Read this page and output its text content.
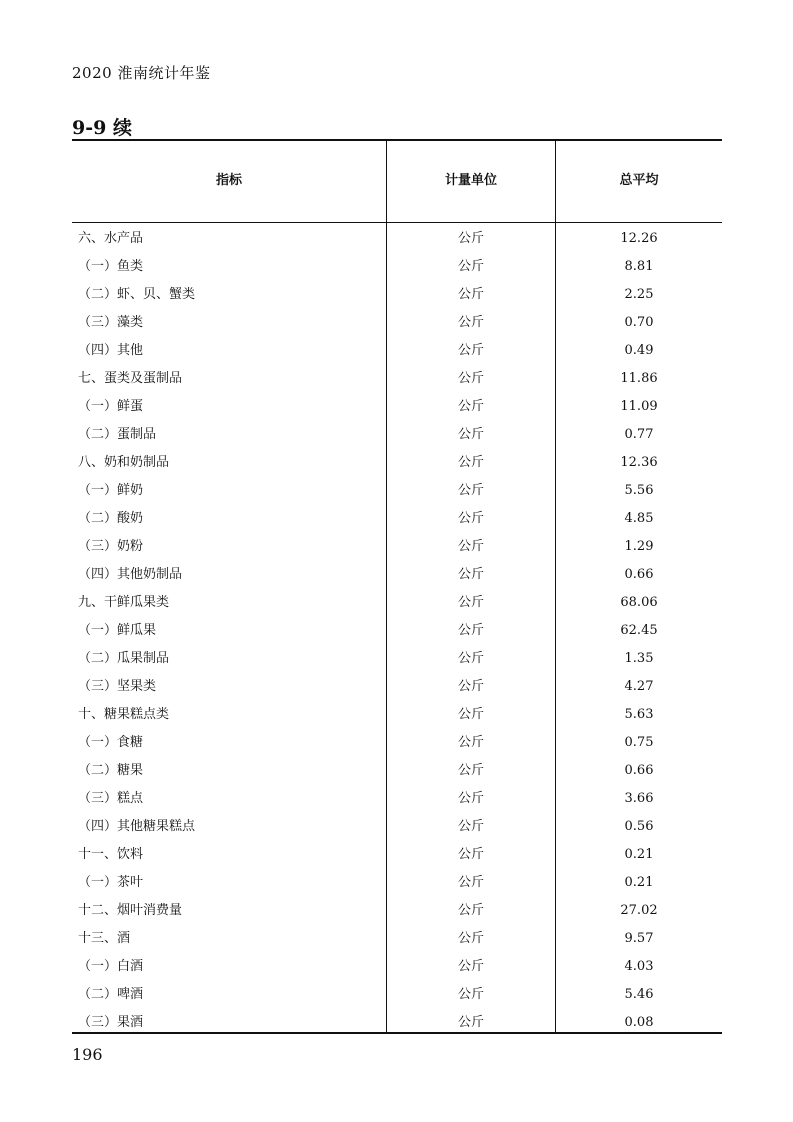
2020 淮南统计年鉴
9-9 续
指标	计量单位	总平均
六、水产品	公斤	12.26
（一）鱼类	公斤	8.81
（二）虾、贝、蟹类	公斤	2.25
（三）藻类	公斤	0.70
（四）其他	公斤	0.49
七、蛋类及蛋制品	公斤	11.86
（一）鲜蛋	公斤	11.09
（二）蛋制品	公斤	0.77
八、奶和奶制品	公斤	12.36
（一）鲜奶	公斤	5.56
（二）酸奶	公斤	4.85
（三）奶粉	公斤	1.29
（四）其他奶制品	公斤	0.66
九、干鲜瓜果类	公斤	68.06
（一）鲜瓜果	公斤	62.45
（二）瓜果制品	公斤	1.35
（三）坚果类	公斤	4.27
十、糖果糕点类	公斤	5.63
（一）食糖	公斤	0.75
（二）糖果	公斤	0.66
（三）糕点	公斤	3.66
（四）其他糖果糕点	公斤	0.56
十一、饮料	公斤	0.21
（一）茶叶	公斤	0.21
十二、烟叶消费量	公斤	27.02
十三、酒	公斤	9.57
（一）白酒	公斤	4.03
（二）啤酒	公斤	5.46
（三）果酒	公斤	0.08
196
